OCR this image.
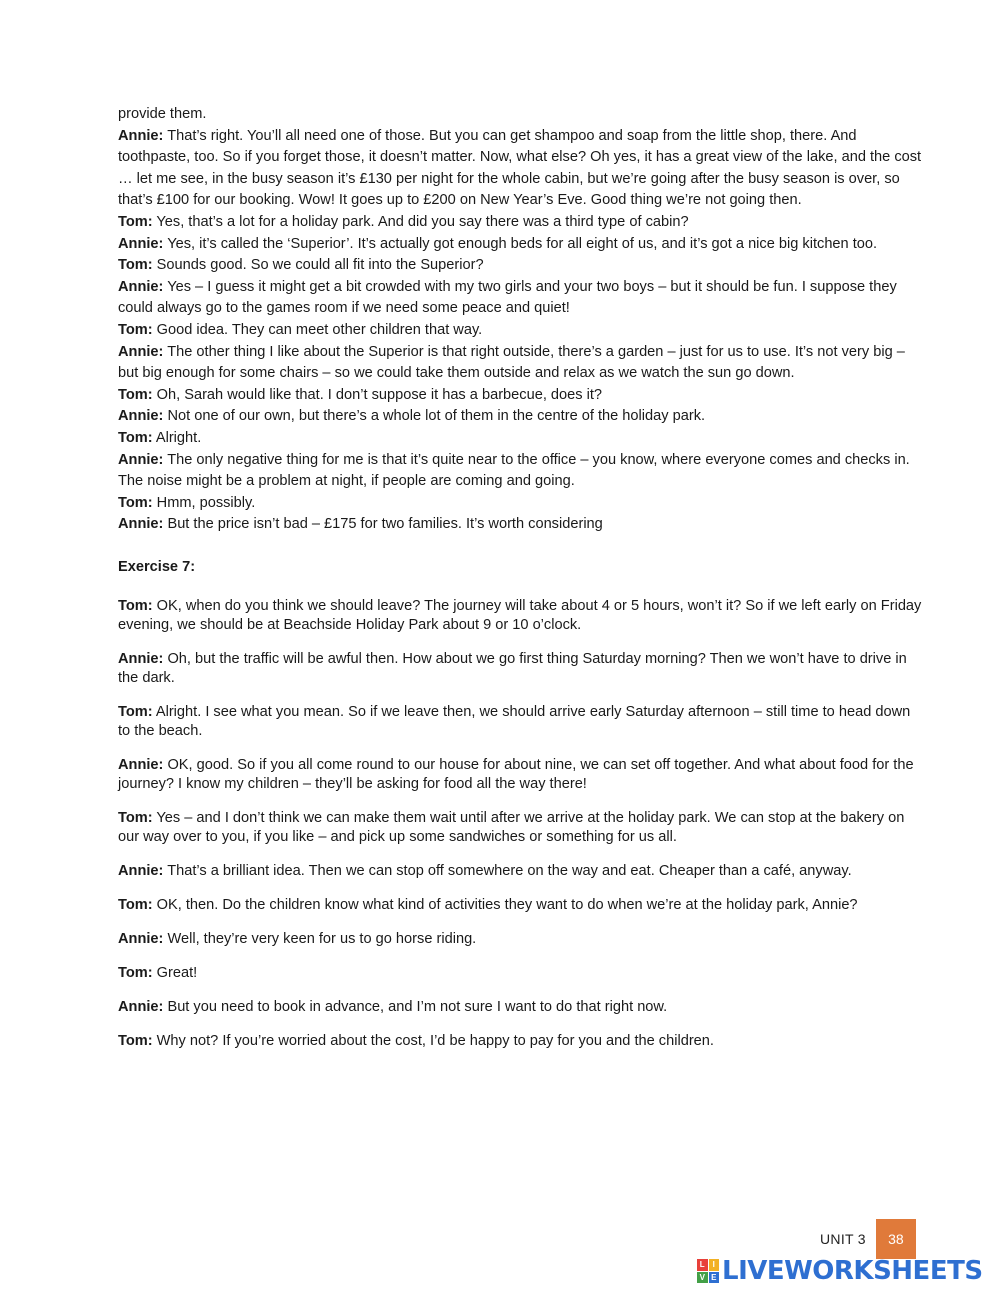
provide them.

Annie: That’s right. You’ll all need one of those. But you can get shampoo and soap from the little shop, there. And toothpaste, too. So if you forget those, it doesn’t matter. Now, what else? Oh yes, it has a great view of the lake, and the cost … let me see, in the busy season it’s £130 per night for the whole cabin, but we’re going after the busy season is over, so that’s £100 for our booking. Wow! It goes up to £200 on New Year’s Eve. Good thing we’re not going then.

Tom: Yes, that’s a lot for a holiday park. And did you say there was a third type of cabin?

Annie: Yes, it’s called the ‘Superior’. It’s actually got enough beds for all eight of us, and it’s got a nice big kitchen too.

Tom: Sounds good. So we could all fit into the Superior?

Annie: Yes – I guess it might get a bit crowded with my two girls and your two boys – but it should be fun. I suppose they could always go to the games room if we need some peace and quiet!

Tom: Good idea. They can meet other children that way.

Annie: The other thing I like about the Superior is that right outside, there’s a garden – just for us to use. It’s not very big – but big enough for some chairs – so we could take them outside and relax as we watch the sun go down.

Tom: Oh, Sarah would like that. I don’t suppose it has a barbecue, does it?

Annie: Not one of our own, but there’s a whole lot of them in the centre of the holiday park.

Tom: Alright.

Annie: The only negative thing for me is that it’s quite near to the office – you know, where everyone comes and checks in. The noise might be a problem at night, if people are coming and going.

Tom: Hmm, possibly.

Annie: But the price isn’t bad – £175 for two families. It’s worth considering

Exercise 7:

Tom: OK, when do you think we should leave? The journey will take about 4 or 5 hours, won’t it? So if we left early on Friday evening, we should be at Beachside Holiday Park about 9 or 10 o’clock.

Annie: Oh, but the traffic will be awful then. How about we go first thing Saturday morning? Then we won’t have to drive in the dark.

Tom: Alright. I see what you mean. So if we leave then, we should arrive early Saturday afternoon – still time to head down to the beach.

Annie: OK, good. So if you all come round to our house for about nine, we can set off together. And what about food for the journey? I know my children – they’ll be asking for food all the way there!

Tom: Yes – and I don’t think we can make them wait until after we arrive at the holiday park. We can stop at the bakery on our way over to you, if you like – and pick up some sandwiches or something for us all.

Annie: That’s a brilliant idea. Then we can stop off somewhere on the way and eat. Cheaper than a café, anyway.

Tom: OK, then. Do the children know what kind of activities they want to do when we’re at the holiday park, Annie?

Annie: Well, they’re very keen for us to go horse riding.

Tom: Great!

Annie: But you need to book in advance, and I’m not sure I want to do that right now.

Tom: Why not? If you’re worried about the cost, I’d be happy to pay for you and the children.

UNIT 3	38
L I
V E LIVEWORKSHEETS
